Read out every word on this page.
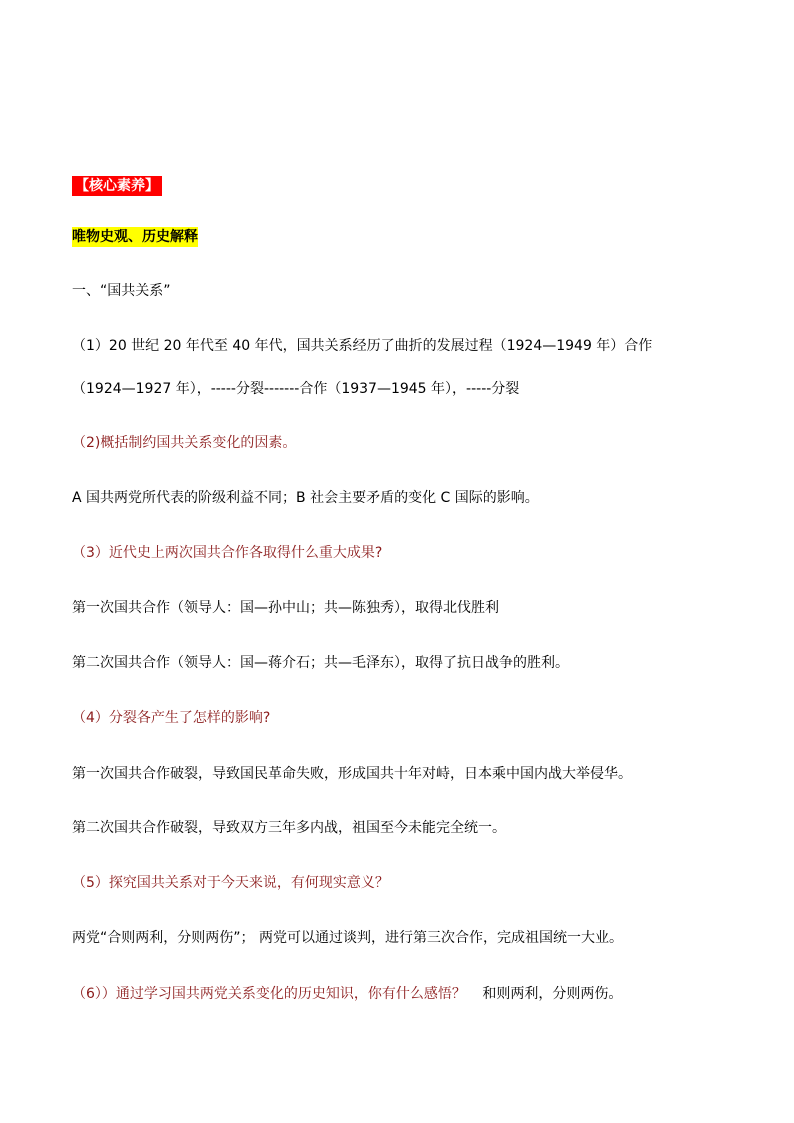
【核心素养】
唯物史观、历史解释
一、“国共关系”
（1）20 世纪 20 年代至 40 年代，国共关系经历了曲折的发展过程（1924—1949 年）合作
（1924—1927 年），-----分裂-------合作（1937—1945 年），-----分裂
（2)概括制约国共关系变化的因素。
A 国共两党所代表的阶级利益不同；B 社会主要矛盾的变化 C 国际的影响。
（3）近代史上两次国共合作各取得什么重大成果?
第一次国共合作（领导人：国—孙中山；共—陈独秀），取得北伐胜利
第二次国共合作（领导人：国—蒋介石；共—毛泽东），取得了抗日战争的胜利。
（4）分裂各产生了怎样的影响?
第一次国共合作破裂，导致国民革命失败，形成国共十年对峙，日本乘中国内战大举侵华。
第二次国共合作破裂，导致双方三年多内战，祖国至今未能完全统一。
（5）探究国共关系对于今天来说，有何现实意义？
两党“合则两利，分则两伤”； 两党可以通过谈判，进行第三次合作，完成祖国统一大业。
（6））通过学习国共两党关系变化的历史知识，你有什么感悟？ 和则两利，分则两伤。
